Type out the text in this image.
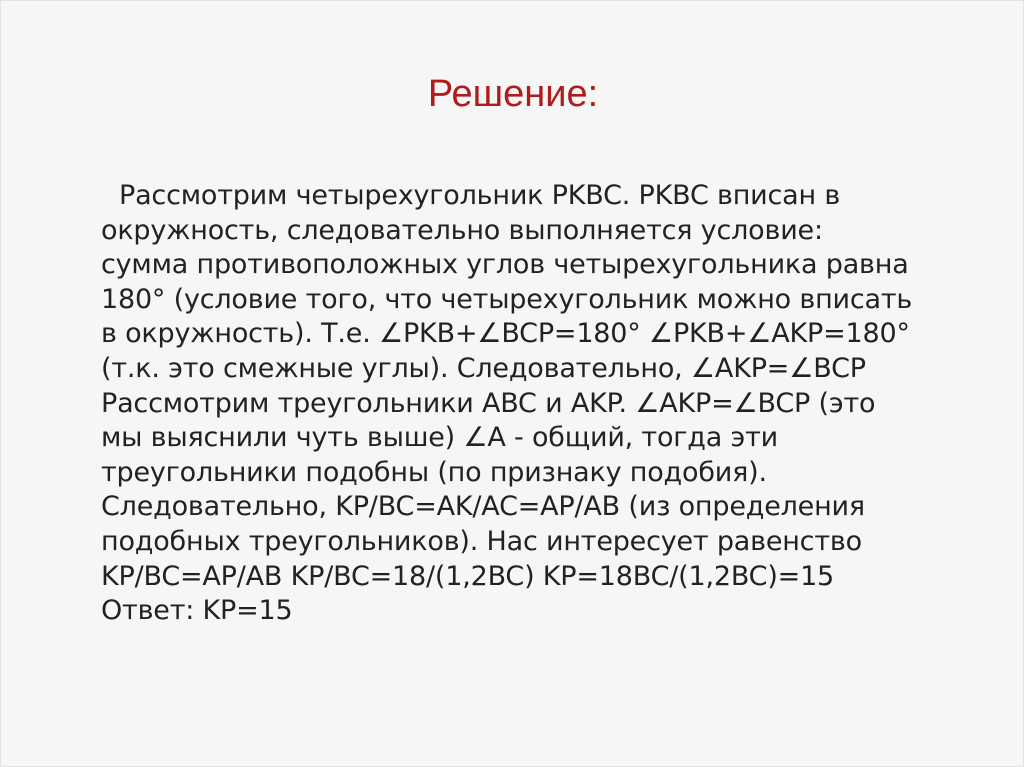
Решение:
Рассмотрим четырехугольник PKBC. PKBC вписан в
окружность, следовательно выполняется условие:
сумма противоположных углов четырехугольника равна
180° (условие того, что четырехугольник можно вписать
в окружность). Т.е. ∠PKB+∠BCP=180° ∠PKB+∠AKP=180°
(т.к. это смежные углы). Следовательно, ∠AKP=∠BCP
Рассмотрим треугольники ABC и AKP. ∠AKP=∠BCP (это
мы выяснили чуть выше) ∠A - общий, тогда эти
треугольники подобны (по признаку подобия).
Следовательно, KP/BC=AK/AC=AP/AB (из определения
подобных треугольников). Нас интересует равенство
KP/BC=AP/AB KP/BC=18/(1,2BC) KP=18BC/(1,2BC)=15
Ответ: KP=15
